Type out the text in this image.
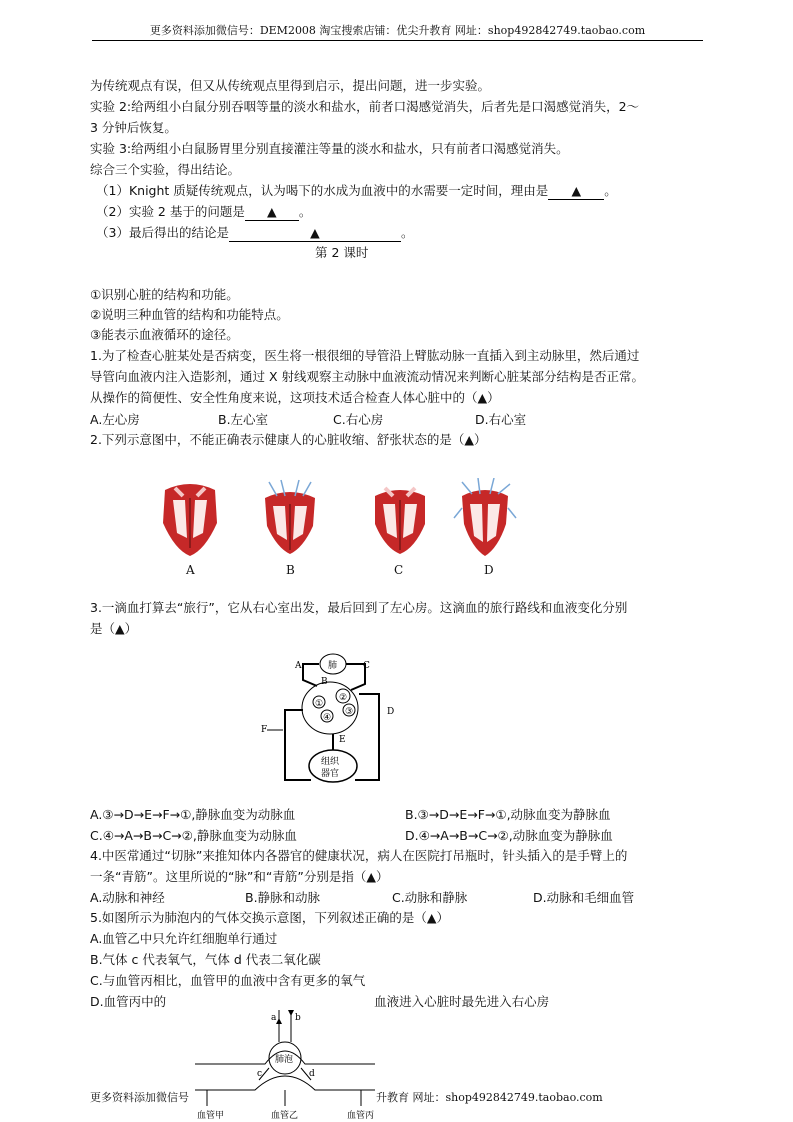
更多资料添加微信号：DEM2008 淘宝搜索店铺：优尖升教育 网址：shop492842749.taobao.com
为传统观点有误，但又从传统观点里得到启示，提出问题，进一步实验。
实验 2:给两组小白鼠分别吞咽等量的淡水和盐水，前者口渴感觉消失，后者先是口渴感觉消失，2～
3 分钟后恢复。
实验 3:给两组小白鼠肠胃里分别直接灌注等量的淡水和盐水，只有前者口渴感觉消失。
综合三个实验，得出结论。
（1）Knight 质疑传统观点，认为喝下的水成为血液中的水需要一定时间，理由是 ▲ 。
（2）实验 2 基于的问题是 ▲ 。
（3）最后得出的结论是	▲	。
第 2 课时
①识别心脏的结构和功能。
②说明三种血管的结构和功能特点。
③能表示血液循环的途径。
1.为了检查心脏某处是否病变，医生将一根很细的导管沿上臂肱动脉一直插入到主动脉里，然后通过
导管向血液内注入造影剂，通过 X 射线观察主动脉中血液流动情况来判断心脏某部分结构是否正常。
从操作的简便性、安全性角度来说，这项技术适合检查人体心脏中的（▲）
A.左心房	B.左心室	C.右心房	D.右心室
2.下列示意图中，不能正确表示健康人的心脏收缩、舒张状态的是（▲）
A	B	C	D
3.一滴血打算去“旅行”，它从右心室出发，最后回到了左心房。这滴血的旅行路线和血液变化分别
是（▲）
肺
②
③
①
④
组织
器官
A
B
C
D
E
F
A.③→D→E→F→①,静脉血变为动脉血	B.③→D→E→F→①,动脉血变为静脉血
C.④→A→B→C→②,静脉血变为动脉血	D.④→A→B→C→②,动脉血变为静脉血
4.中医常通过“切脉”来推知体内各器官的健康状况，病人在医院打吊瓶时，针头插入的是手臂上的
一条“青筋”。这里所说的“脉”和“青筋”分别是指（▲）
A.动脉和神经	B.静脉和动脉	C.动脉和静脉	D.动脉和毛细血管
5.如图所示为肺泡内的气体交换示意图，下列叙述正确的是（▲）
A.血管乙中只允许红细胞单行通过
B.气体 c 代表氧气，气体 d 代表二氧化碳
C.与血管丙相比，血管甲的血液中含有更多的氧气
D.血管丙中的	血液进入心脏时最先进入右心房
a b
肺泡
c	d
血管甲	血管乙	血管丙
更多资料添加微信号	升教育 网址：shop492842749.taobao.com
